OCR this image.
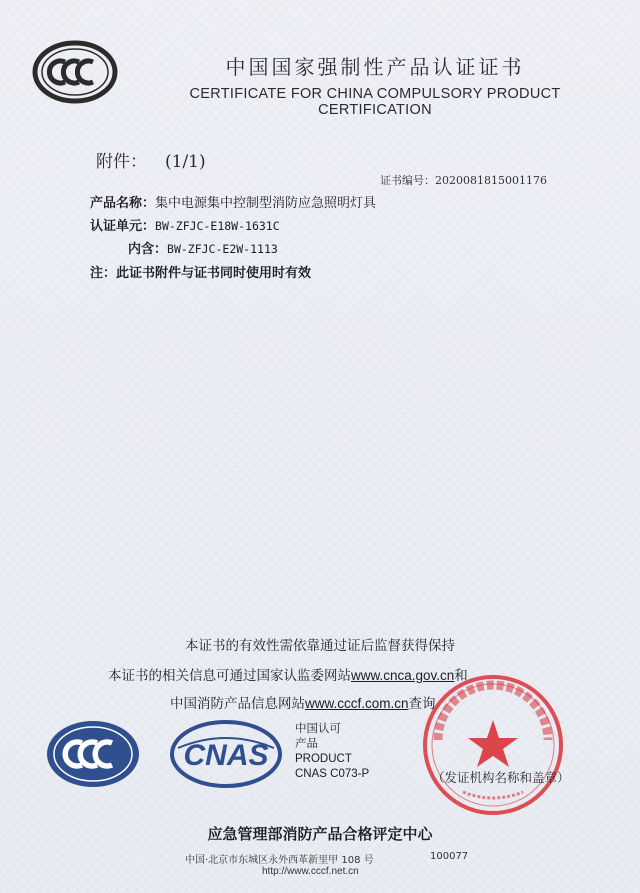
中国国家强制性产品认证证书
CERTIFICATE FOR CHINA COMPULSORY PRODUCT CERTIFICATION
附件： (1/1)
证书编号：2020081815001176
产品名称：集中电源集中控制型消防应急照明灯具
认证单元：BW-ZFJC-E18W-1631C
内含：BW-ZFJC-E2W-1113
注：此证书附件与证书同时使用时有效
本证书的有效性需依靠通过证后监督获得保持
本证书的相关信息可通过国家认监委网站www.cnca.gov.cn和
中国消防产品信息网站www.cccf.com.cn查询
CNAS
中国认可
产品
PRODUCT
CNAS C073-P	（发证机构名称和盖章）
应急管理部消防产品合格评定中心
中国·北京市东城区永外西革新里甲 108 号	100077
http://www.cccf.net.cn
